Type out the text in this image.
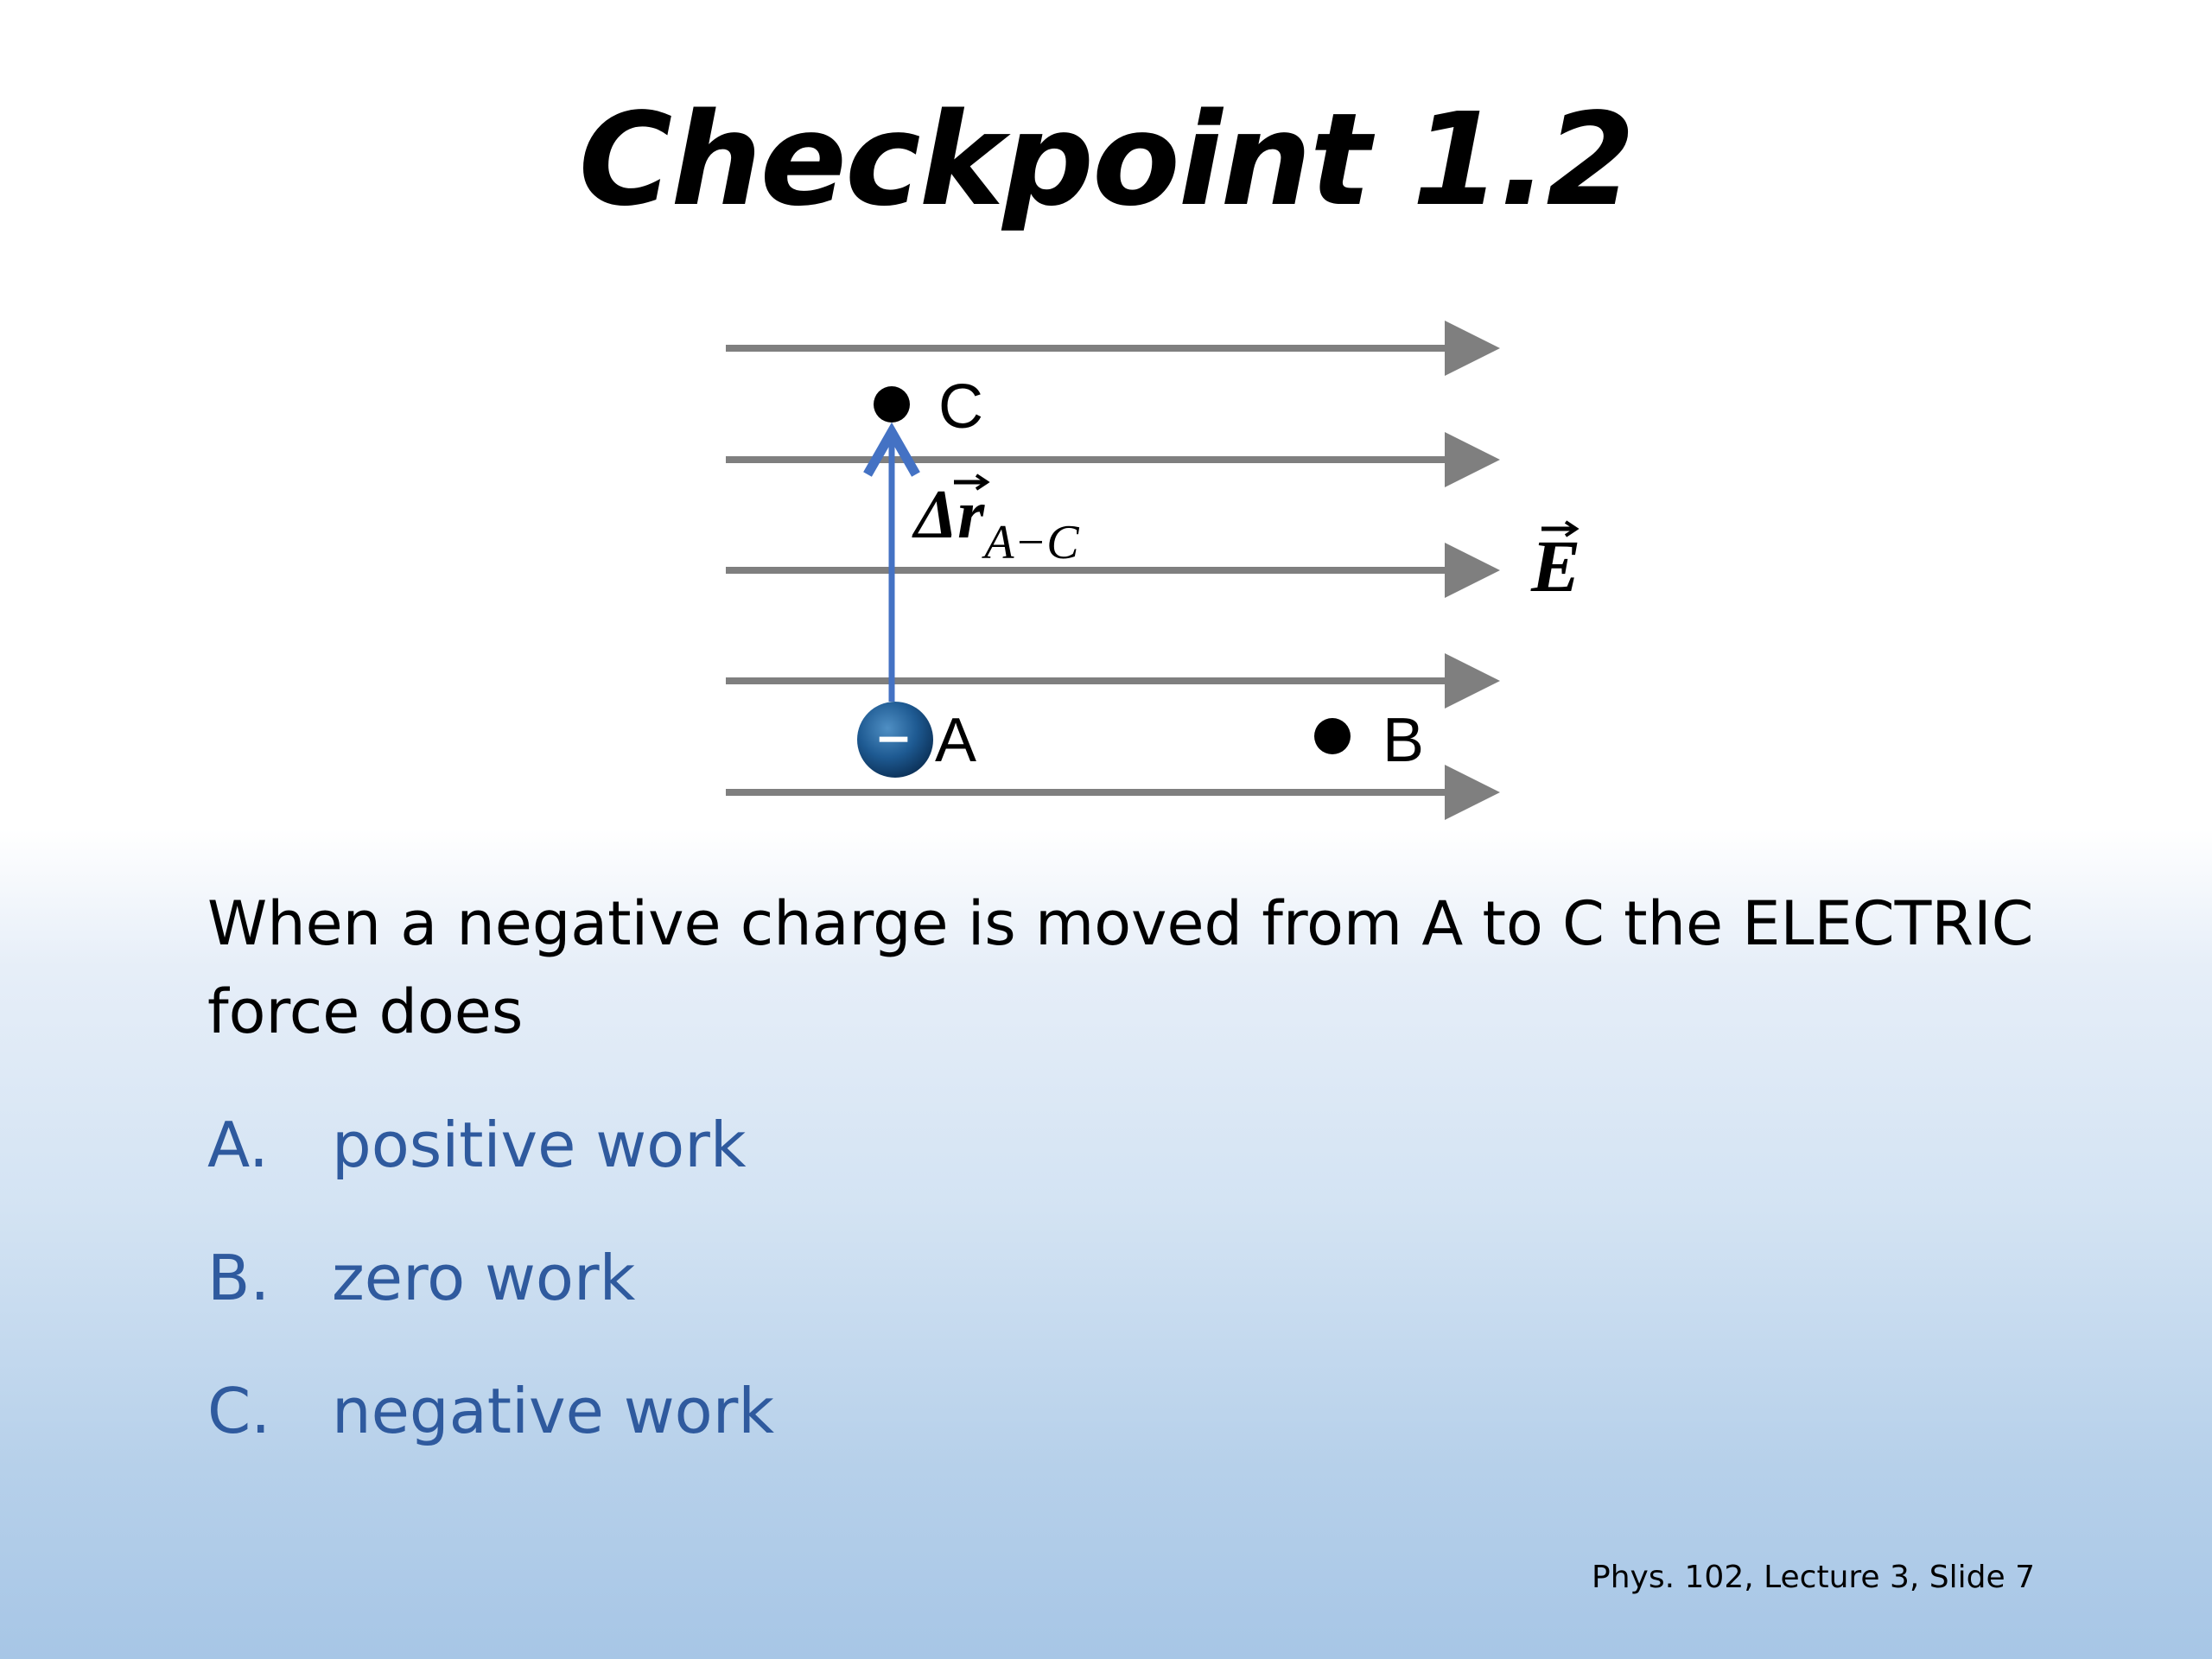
Checkpoint 1.2
C
$\Delta r_{A-C}$	E
− A	B
When a negative charge is moved from A to C the ELECTRIC force does
A.	positive work
B. zero work
C. negative work
Phys. 102, Lecture 3, Slide 7
